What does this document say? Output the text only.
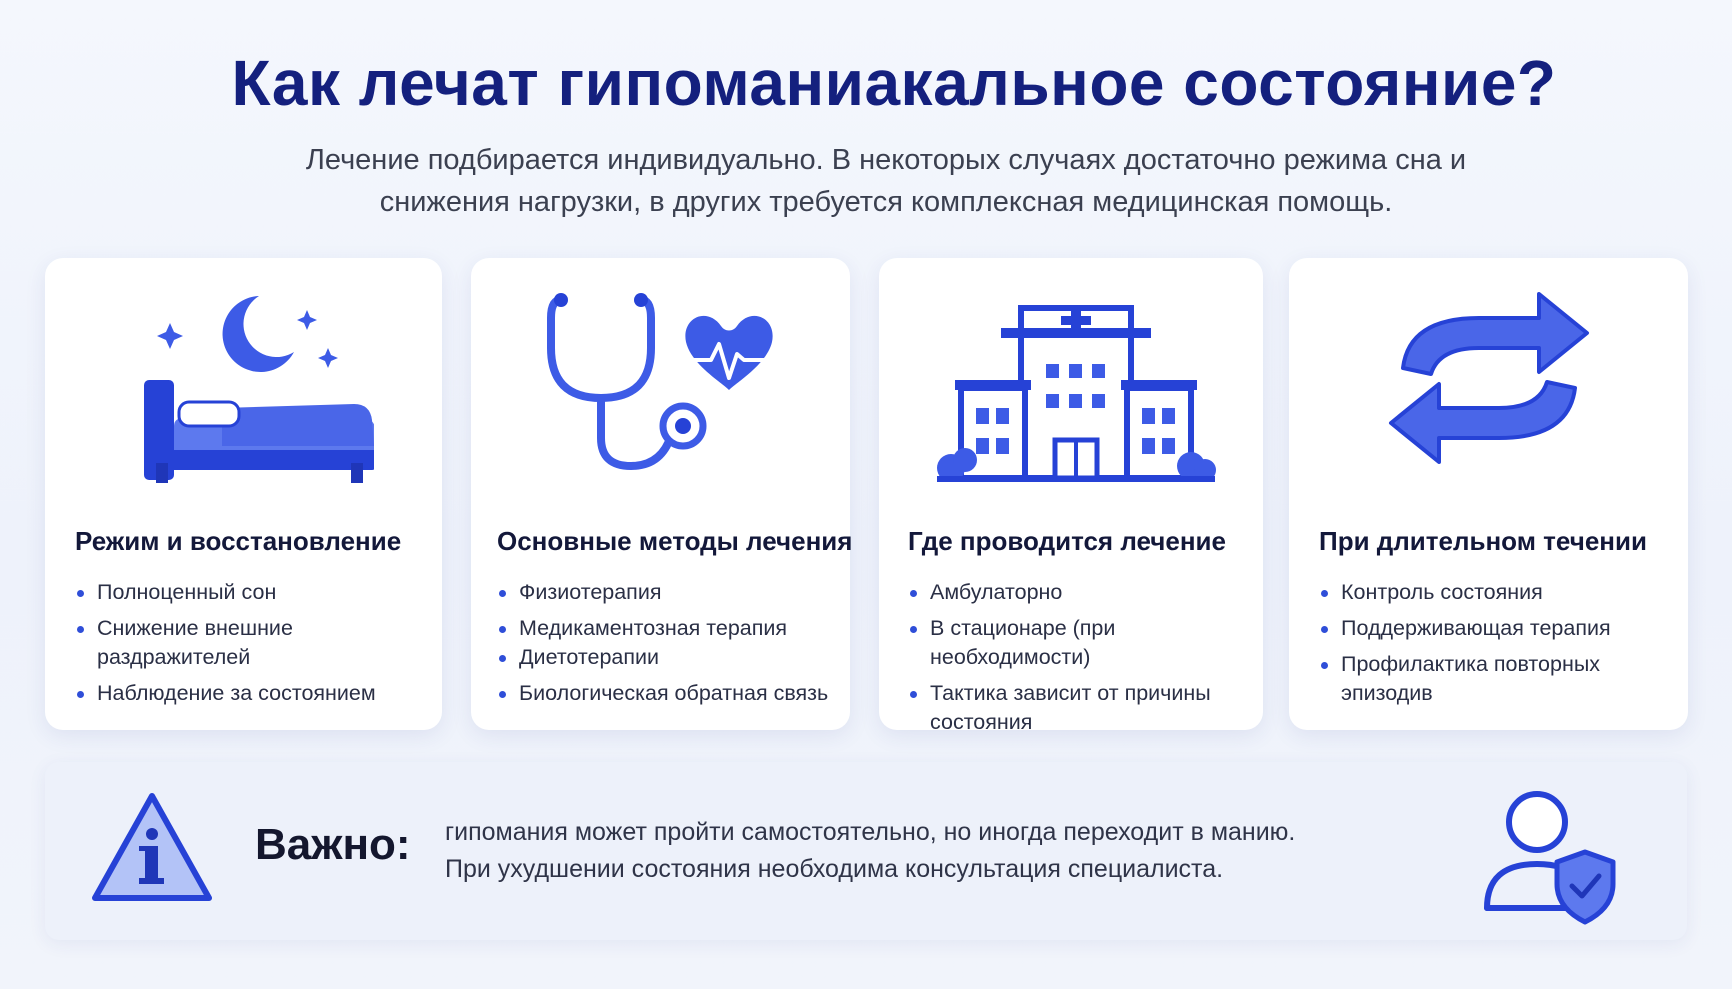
Как лечат гипоманиакальное состояние?

Лечение подбирается индивидуально. В некоторых случаях достаточно режима сна и снижения нагрузки, в других требуется комплексная медицинская помощь.

Режим и восстановление
Полноценный сон
Снижение внешние раздражителей
Наблюдение за состоянием
Основные методы лечения
Физиотерапия
Медикаментозная терапия
Диетотерапии
Биологическая обратная связь
Где проводится лечение
Амбулаторно
В стационаре (при необходимости)
Тактика зависит от причины состояния
При длительном течении
Контроль состояния
Поддерживающая терапия
Профилактика повторных эпизодив
Важно: гипомания может пройти самостоятельно, но иногда переходит в манию.
При ухудшении состояния необходима консультация специалиста.
